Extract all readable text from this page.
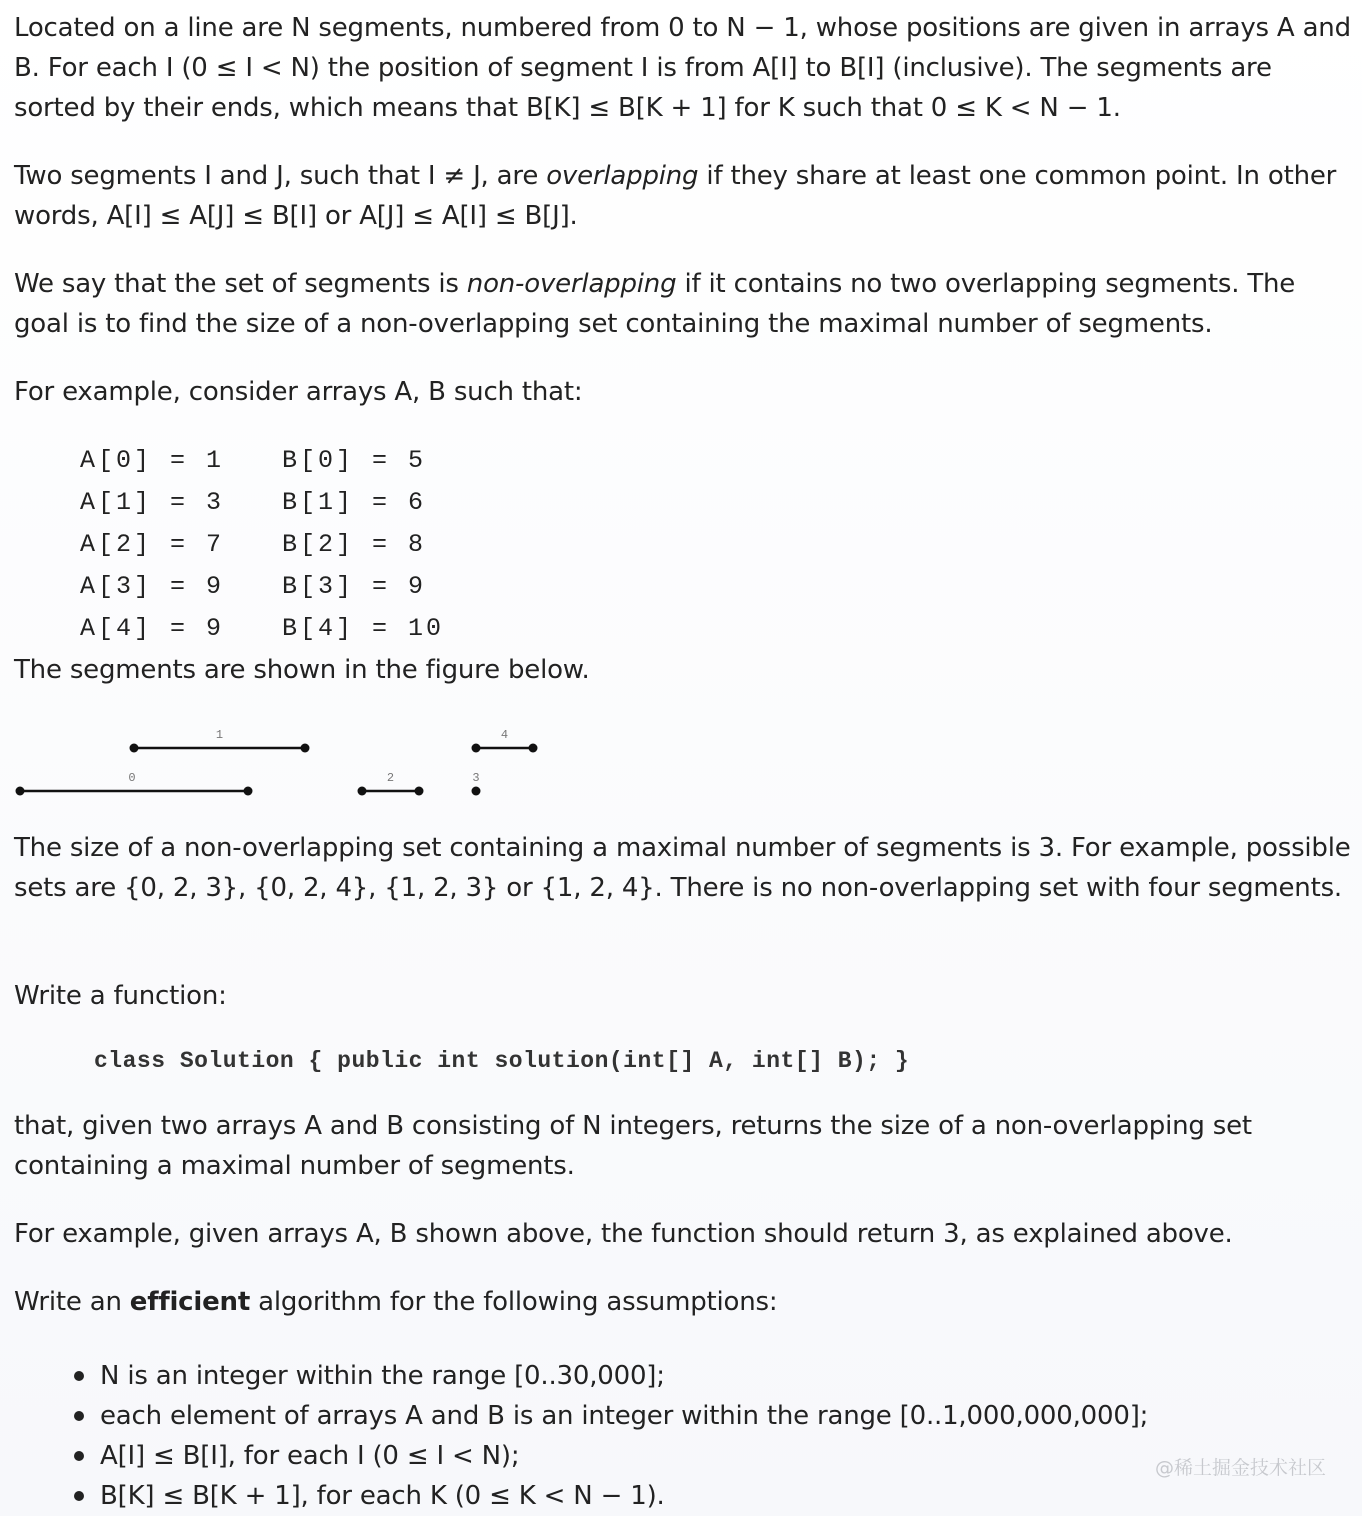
Located on a line are N segments, numbered from 0 to N − 1, whose positions are given in arrays A and B. For each I (0 ≤ I < N) the position of segment I is from A[I] to B[I] (inclusive). The segments are sorted by their ends, which means that B[K] ≤ B[K + 1] for K such that 0 ≤ K < N − 1.

Two segments I and J, such that I ≠ J, are overlapping if they share at least one common point. In other words, A[I] ≤ A[J] ≤ B[I] or A[J] ≤ A[I] ≤ B[J].

We say that the set of segments is non-overlapping if it contains no two overlapping segments. The goal is to find the size of a non-overlapping set containing the maximal number of segments.

For example, consider arrays A, B such that:

A[0] = 1 B[0] = 5
A[1] = 3 B[1] = 6
A[2] = 7 B[2] = 8
A[3] = 9 B[3] = 9
A[4] = 9 B[4] = 10

The segments are shown in the figure below.

0
1
2	3
4

The size of a non-overlapping set containing a maximal number of segments is 3. For example, possible sets are {0, 2, 3}, {0, 2, 4}, {1, 2, 3} or {1, 2, 4}. There is no non-overlapping set with four segments.

Write a function:

class Solution { public int solution(int[] A, int[] B); }

that, given two arrays A and B consisting of N integers, returns the size of a non-overlapping set containing a maximal number of segments.

For example, given arrays A, B shown above, the function should return 3, as explained above.

Write an efficient algorithm for the following assumptions:

N is an integer within the range [0..30,000];
each element of arrays A and B is an integer within the range [0..1,000,000,000];
A[I] ≤ B[I], for each I (0 ≤ I < N);
B[K] ≤ B[K + 1], for each K (0 ≤ K < N − 1).
@稀土掘金技术社区
